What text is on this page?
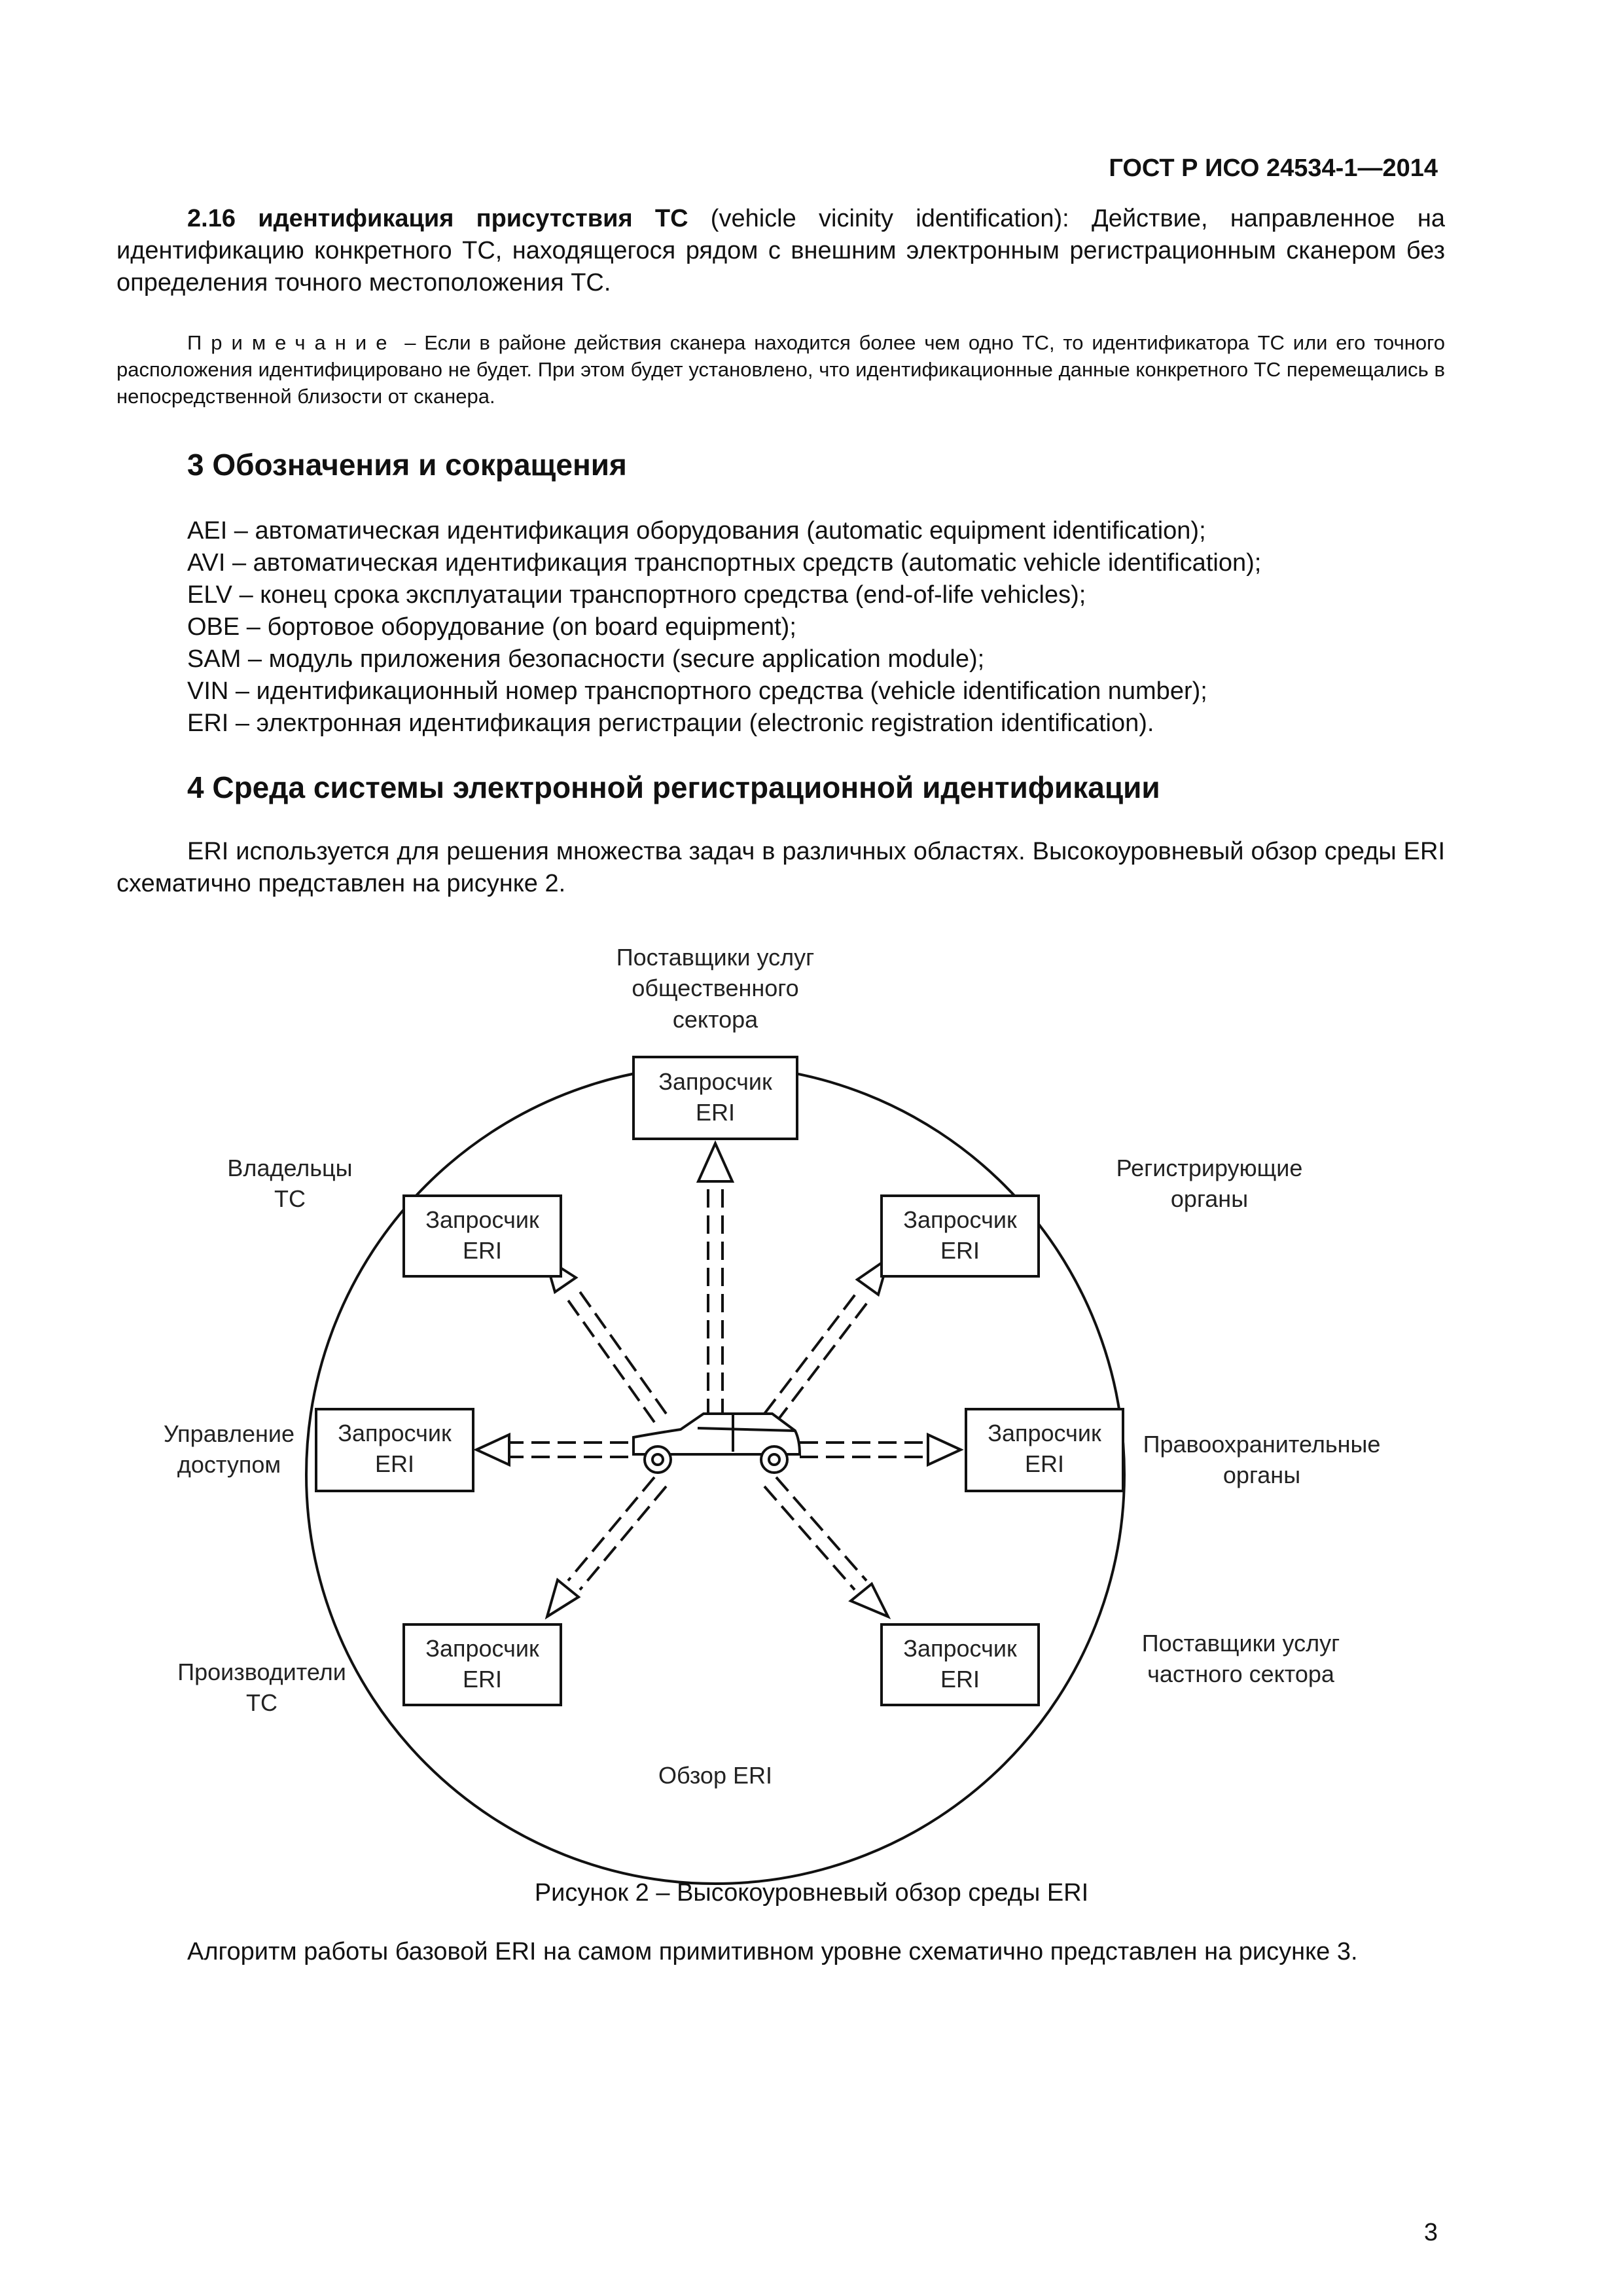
ГОСТ Р ИСО 24534-1—2014
2.16 идентификация присутствия ТС (vehicle vicinity identification): Действие, направленное на идентификацию конкретного ТС, находящегося рядом с внешним электронным регистрационным сканером без определения точного местоположения ТС.
Примечание – Если в районе действия сканера находится более чем одно ТС, то идентификатора ТС или его точного расположения идентифицировано не будет. При этом будет установлено, что идентификационные данные конкретного ТС перемещались в непосредственной близости от сканера.
3 Обозначения и сокращения
AEI – автоматическая идентификация оборудования (automatic equipment identification);
AVI – автоматическая идентификация транспортных средств (automatic vehicle identification);
ELV – конец срока эксплуатации транспортного средства (end-of-life vehicles);
OBE – бортовое оборудование (on board equipment);
SAM – модуль приложения безопасности (secure application module);
VIN – идентификационный номер транспортного средства (vehicle identification number);
ERI – электронная идентификация регистрации (electronic registration identification).
4 Среда системы электронной регистрационной идентификации
ERI используется для решения множества задач в различных областях. Высокоуровневый обзор среды ERI схематично представлен на рисунке 2.
Запросчик
ERI
Запросчик
ERI
Запросчик
ERI
Запросчик
ERI
Запросчик
ERI
Запросчик
ERI
Запросчик
ERI
Поставщики услуг
общественного
сектора
Владельцы
ТС
Регистрирующие
органы
Управление
доступом
Правоохранительные
органы
Производители
ТС
Поставщики услуг
частного сектора
Обзор ERI
Рисунок 2 – Высокоуровневый обзор среды ERI
Алгоритм работы базовой ERI на самом примитивном уровне схематично представлен на рисунке 3.
3
